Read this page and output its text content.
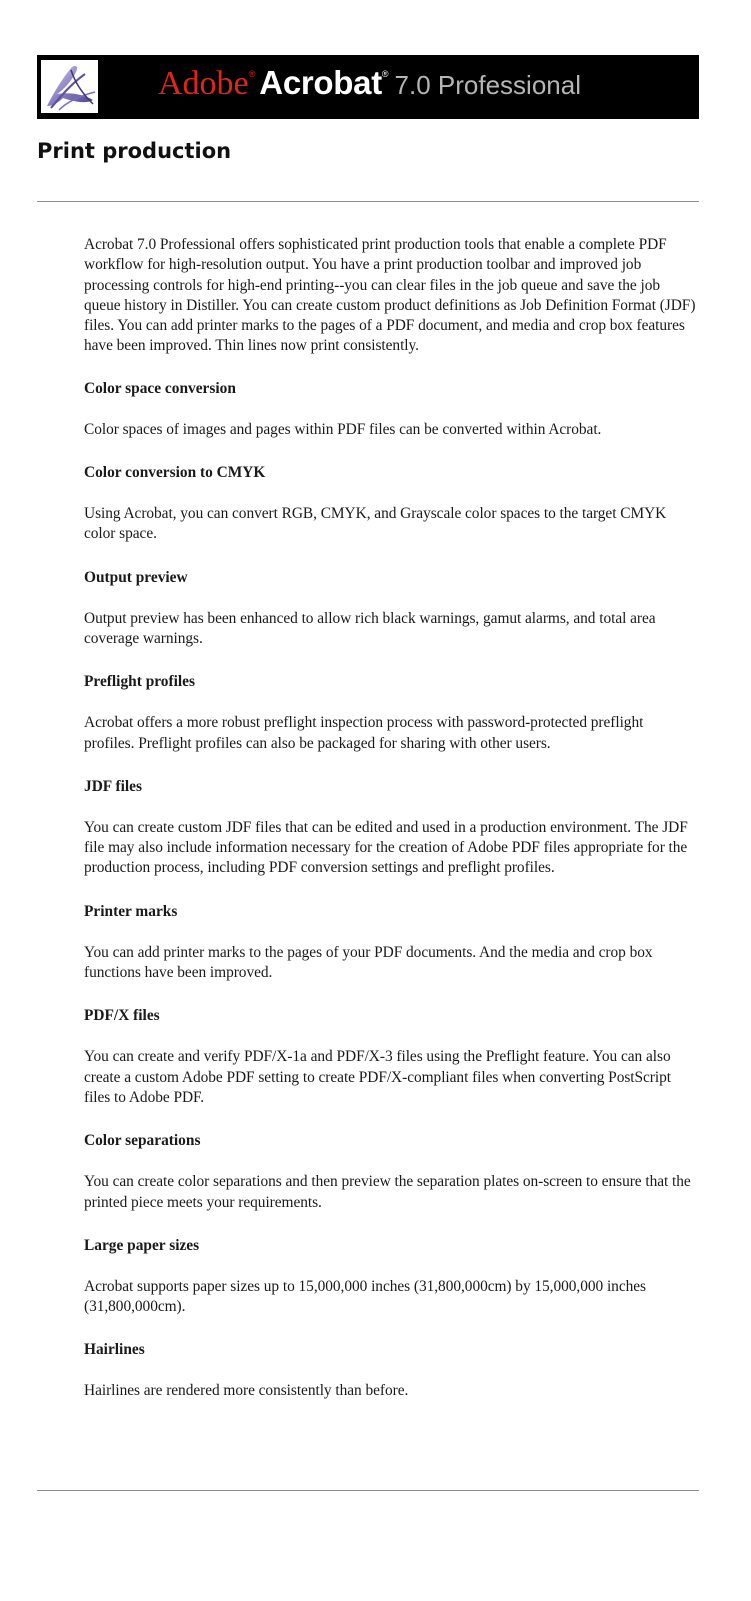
Adobe® Acrobat® 7.0 Professional
Print production

Acrobat 7.0 Professional offers sophisticated print production tools that enable a complete PDF workflow for high-resolution output. You have a print production toolbar and improved job processing controls for high-end printing--you can clear files in the job queue and save the job queue history in Distiller. You can create custom product definitions as Job Definition Format (JDF) files. You can add printer marks to the pages of a PDF document, and media and crop box features have been improved. Thin lines now print consistently.

Color space conversion

Color spaces of images and pages within PDF files can be converted within Acrobat.

Color conversion to CMYK

Using Acrobat, you can convert RGB, CMYK, and Grayscale color spaces to the target CMYK color space.

Output preview

Output preview has been enhanced to allow rich black warnings, gamut alarms, and total area coverage warnings.

Preflight profiles

Acrobat offers a more robust preflight inspection process with password-protected preflight profiles. Preflight profiles can also be packaged for sharing with other users.

JDF files

You can create custom JDF files that can be edited and used in a production environment. The JDF file may also include information necessary for the creation of Adobe PDF files appropriate for the production process, including PDF conversion settings and preflight profiles.

Printer marks

You can add printer marks to the pages of your PDF documents. And the media and crop box functions have been improved.

PDF/X files

You can create and verify PDF/X-1a and PDF/X-3 files using the Preflight feature. You can also create a custom Adobe PDF setting to create PDF/X-compliant files when converting PostScript files to Adobe PDF.

Color separations

You can create color separations and then preview the separation plates on-screen to ensure that the printed piece meets your requirements.

Large paper sizes

Acrobat supports paper sizes up to 15,000,000 inches (31,800,000cm) by 15,000,000 inches (31,800,000cm).

Hairlines

Hairlines are rendered more consistently than before.
